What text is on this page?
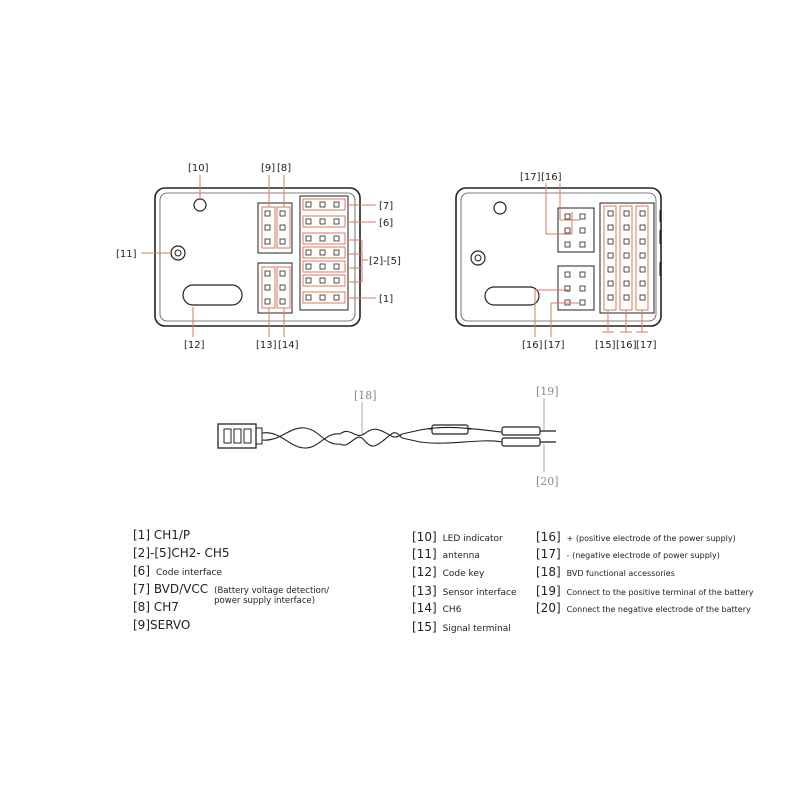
[10]	[9] [8]
[7]
[6]
[2]-[5]
[1]
[11]
[12]	[13] [14]
[17] [16]
[16] [17]	[15] [16] [17]
[18]	[19]
[20]
[1] CH1/P
[2]-[5]CH2- CH5
[6] Code interface
[7] BVD/VCC (Battery voltage detection/
power supply interface)
[8] CH7
[9]SERVO
[10] LED indicator
[11] antenna
[12] Code key
[13] Sensor interface
[14] CH6
[15] Signal terminal
[16] + (positive electrode of the power supply)
[17] - (negative electrode of power supply)
[18] BVD functional accessories
[19] Connect to the positive terminal of the battery
[20] Connect the negative electrode of the battery
